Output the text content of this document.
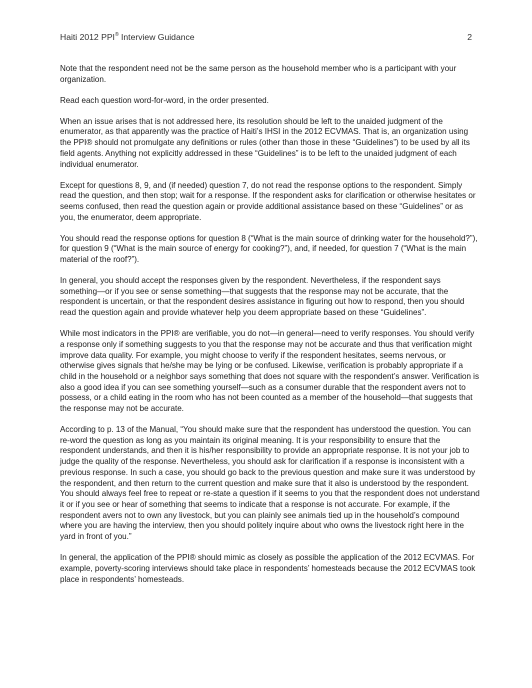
Haiti 2012 PPI® Interview Guidance	2

Note that the respondent need not be the same person as the household member who is a participant with your organization.

Read each question word-for-word, in the order presented.

When an issue arises that is not addressed here, its resolution should be left to the unaided judgment of the enumerator, as that apparently was the practice of Haiti’s IHSI in the 2012 ECVMAS. That is, an organization using the PPI® should not promulgate any definitions or rules (other than those in these “Guidelines”) to be used by all its field agents. Anything not explicitly addressed in these “Guidelines” is to be left to the unaided judgment of each individual enumerator.

Except for questions 8, 9, and (if needed) question 7, do not read the response options to the respondent. Simply read the question, and then stop; wait for a response. If the respondent asks for clarification or otherwise hesitates or seems confused, then read the question again or provide additional assistance based on these “Guidelines” or as you, the enumerator, deem appropriate.

You should read the response options for question 8 (“What is the main source of drinking water for the household?”), for question 9 (“What is the main source of energy for cooking?”), and, if needed, for question 7 (“What is the main material of the roof?”).

In general, you should accept the responses given by the respondent. Nevertheless, if the respondent says something—or if you see or sense something—that suggests that the response may not be accurate, that the respondent is uncertain, or that the respondent desires assistance in figuring out how to respond, then you should read the question again and provide whatever help you deem appropriate based on these “Guidelines”.

While most indicators in the PPI® are verifiable, you do not—in general—need to verify responses. You should verify a response only if something suggests to you that the response may not be accurate and thus that verification might improve data quality. For example, you might choose to verify if the respondent hesitates, seems nervous, or otherwise gives signals that he/she may be lying or be confused. Likewise, verification is probably appropriate if a child in the household or a neighbor says something that does not square with the respondent’s answer. Verification is also a good idea if you can see something yourself—such as a consumer durable that the respondent avers not to possess, or a child eating in the room who has not been counted as a member of the household—that suggests that the response may not be accurate.

According to p. 13 of the Manual, “You should make sure that the respondent has understood the question. You can re-word the question as long as you maintain its original meaning. It is your responsibility to ensure that the respondent understands, and then it is his/her responsibility to provide an appropriate response. It is not your job to judge the quality of the response. Nevertheless, you should ask for clarification if a response is inconsistent with a previous response. In such a case, you should go back to the previous question and make sure it was understood by the respondent, and then return to the current question and make sure that it also is understood by the respondent. You should always feel free to repeat or re-state a question if it seems to you that the respondent does not understand it or if you see or hear of something that seems to indicate that a response is not accurate. For example, if the respondent avers not to own any livestock, but you can plainly see animals tied up in the household’s compound where you are having the interview, then you should politely inquire about who owns the livestock right here in the yard in front of you.”

In general, the application of the PPI® should mimic as closely as possible the application of the 2012 ECVMAS. For example, poverty-scoring interviews should take place in respondents’ homesteads because the 2012 ECVMAS took place in respondents’ homesteads.
